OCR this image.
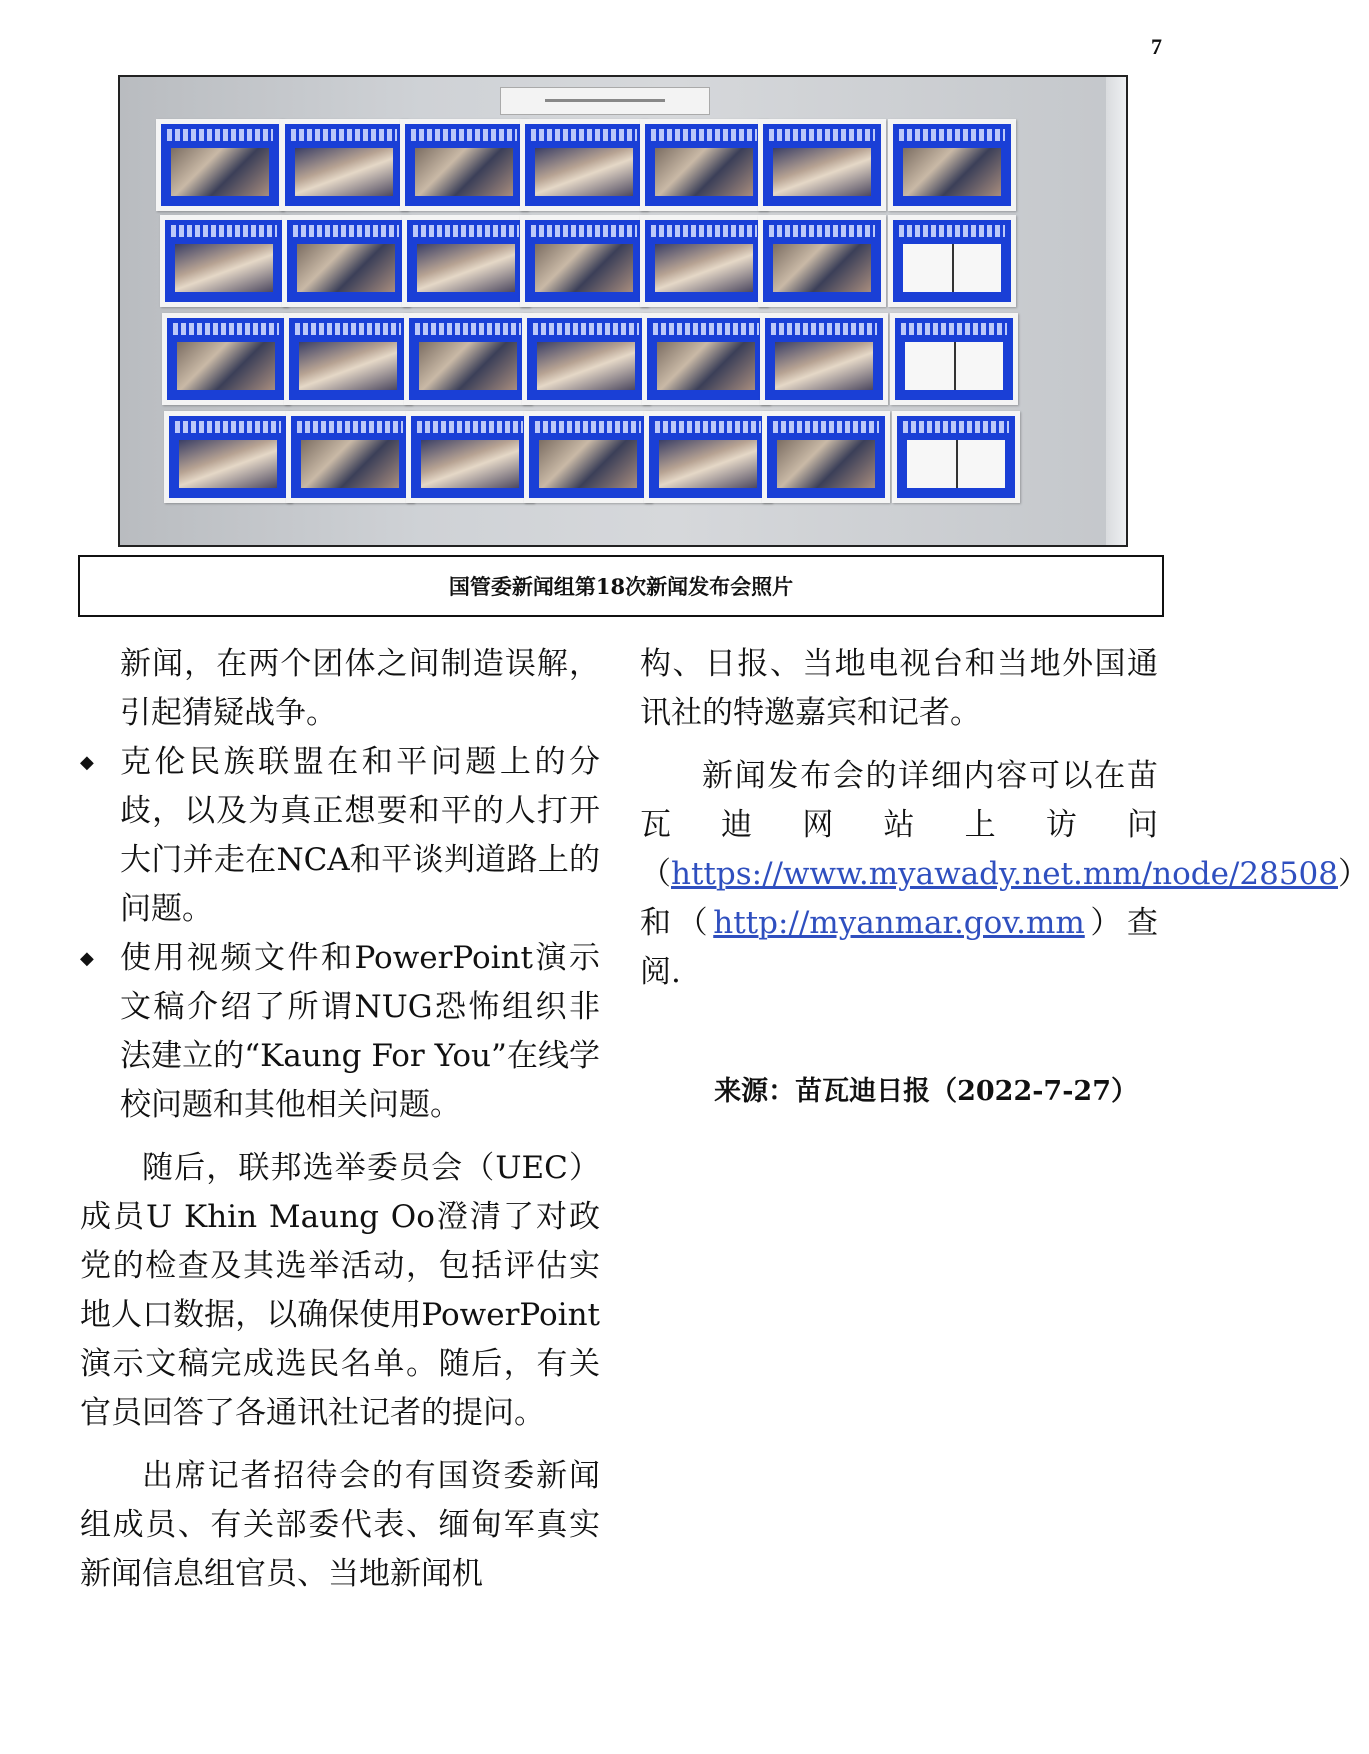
7
国管委新闻组第18次新闻发布会照片

新闻，在两个团体之间制造误解，引起猜疑战争。

◆ 克伦民族联盟在和平问题上的分歧，以及为真正想要和平的人打开大门并走在NCA和平谈判道路上的问题。

◆ 使用视频文件和PowerPoint演示文稿介绍了所谓NUG恐怖组织非法建立的“Kaung For You”在线学校问题和其他相关问题。

随后，联邦选举委员会（UEC）成员U Khin Maung Oo澄清了对政党的检查及其选举活动，包括评估实地人口数据，以确保使用PowerPoint演示文稿完成选民名单。随后，有关官员回答了各通讯社记者的提问。

出席记者招待会的有国资委新闻组成员、有关部委代表、缅甸军真实新闻信息组官员、当地新闻机

构、日报、当地电视台和当地外国通讯社的特邀嘉宾和记者。

新闻发布会的详细内容可以在苗瓦迪网站上访问（https://www.myawady.net.mm/node/28508）和（http://myanmar.gov.mm）查阅.

来源：苗瓦迪日报（2022-7-27）
